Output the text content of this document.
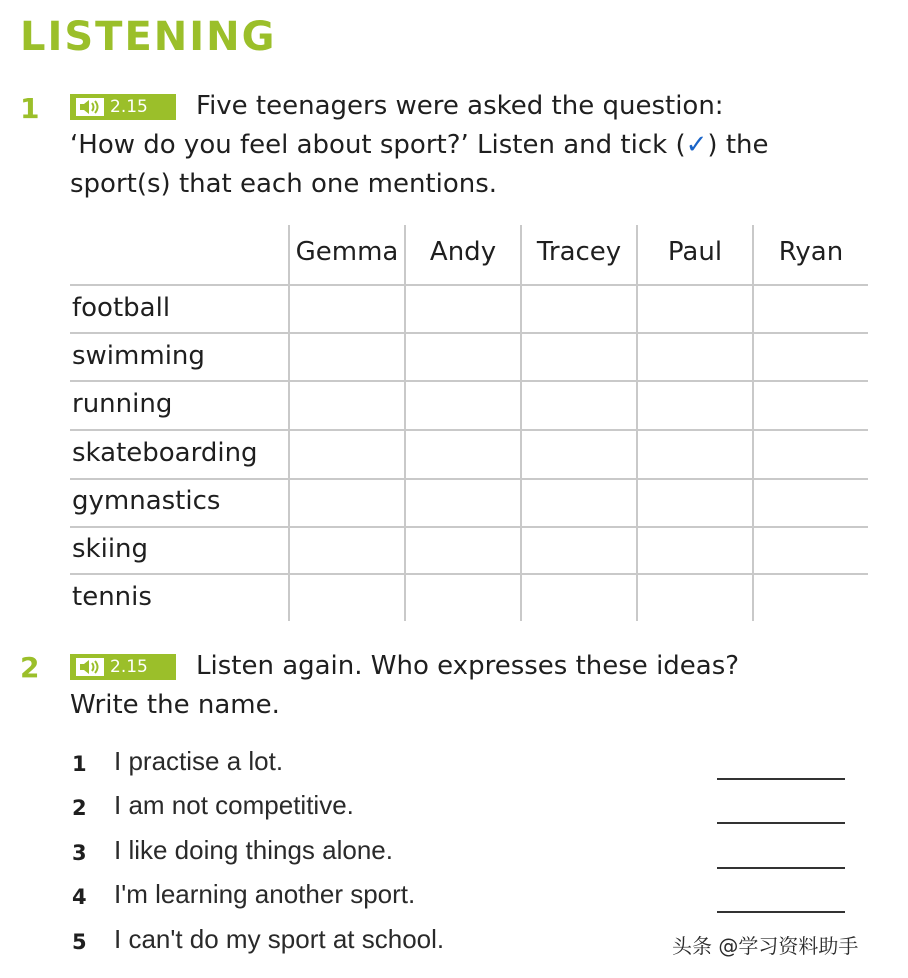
LISTENING
1	2.15 Five teenagers were asked the question:
‘How do you feel about sport?’ Listen and tick (✓) the
sport(s) that each one mentions.
Gemma	Andy	Tracey	Paul	Ryan
football
swimming
running
skateboarding
gymnastics
skiing
tennis
2	2.15 Listen again. Who expresses these ideas?
Write the name.
1 I practise a lot.
2 I am not competitive.
3 I like doing things alone.
4 I'm learning another sport.
5 I can't do my sport at school.	头条 @学习资料助手
